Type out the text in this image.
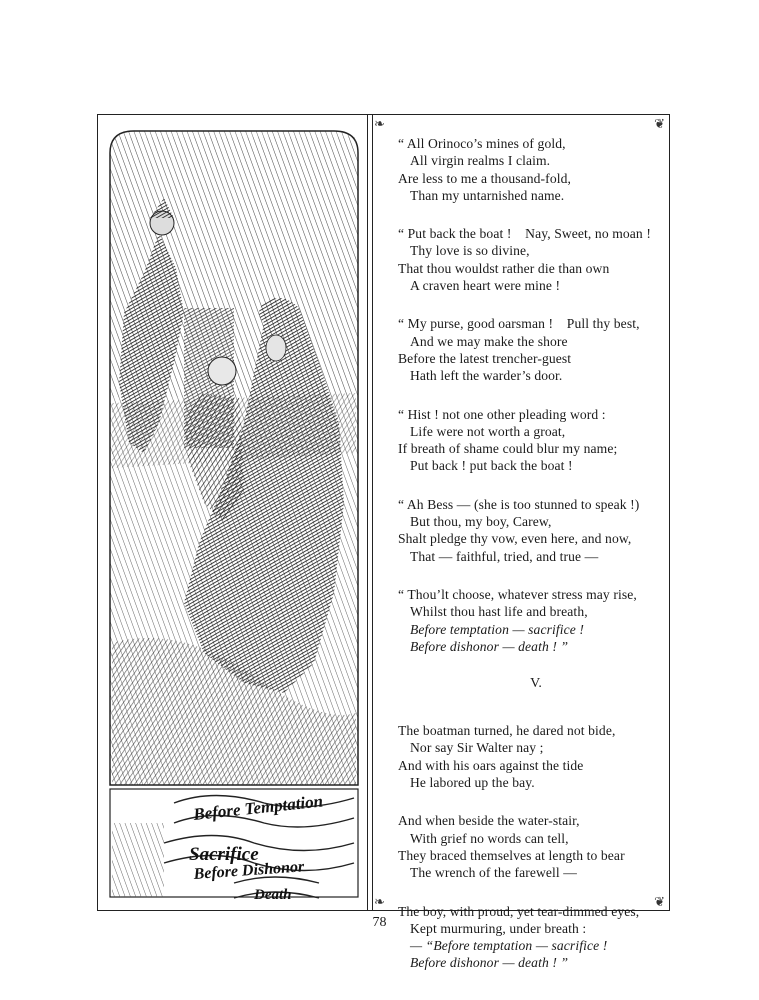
Before Temptation
Sacrifice
Before Dishonor
Death
❧	❦
❦
❧
“ All Orinoco’s mines of gold,
All virgin realms I claim.
Are less to me a thousand-fold,
Than my untarnished name.
“ Put back the boat ! Nay, Sweet, no moan !
Thy love is so divine,
That thou wouldst rather die than own
A craven heart were mine !
“ My purse, good oarsman ! Pull thy best,
And we may make the shore
Before the latest trencher-guest
Hath left the warder’s door.
“ Hist ! not one other pleading word :
Life were not worth a groat,
If breath of shame could blur my name;
Put back ! put back the boat !
“ Ah Bess — (she is too stunned to speak !)
But thou, my boy, Carew,
Shalt pledge thy vow, even here, and now,
That — faithful, tried, and true —
“ Thou’lt choose, whatever stress may rise,
Whilst thou hast life and breath,
Before temptation — sacrifice !
Before dishonor — death ! ”
V.
The boatman turned, he dared not bide,
Nor say Sir Walter nay ;
And with his oars against the tide
He labored up the bay.
And when beside the water-stair,
With grief no words can tell,
They braced themselves at length to bear
The wrench of the farewell —
The boy, with proud, yet tear-dimmed eyes,
Kept murmuring, under breath :
— “Before temptation — sacrifice !
Before dishonor — death ! ”
78
